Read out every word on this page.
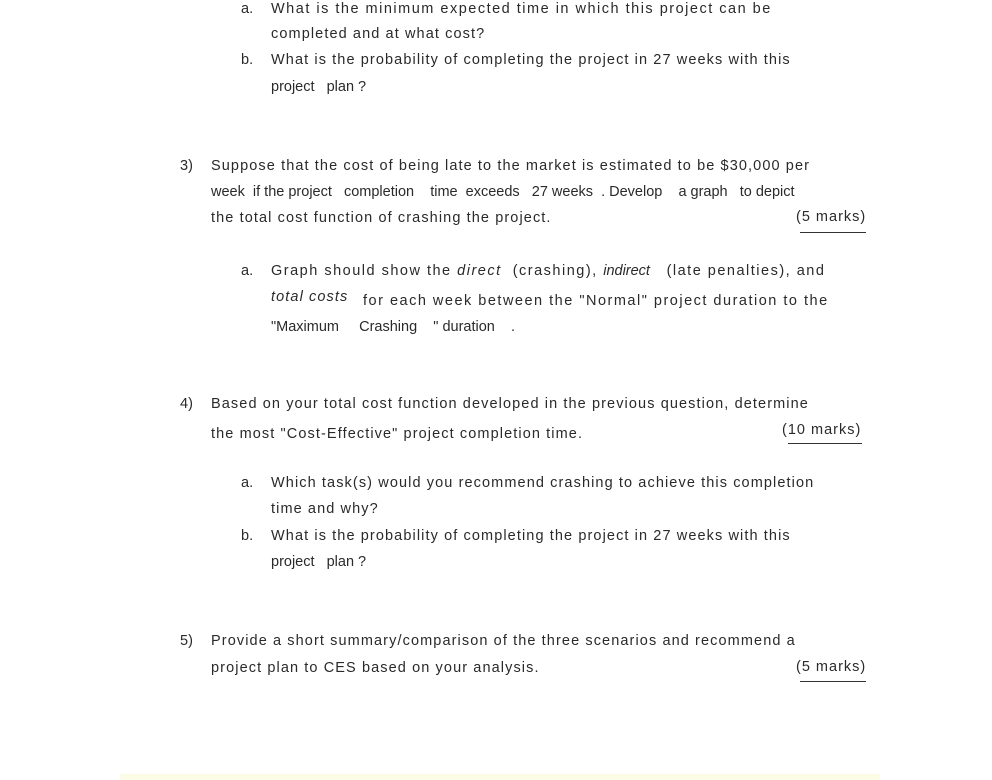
a. What is the minimum expected time in which this project can be
completed and at what cost?
b. What is the probability of completing the project in 27 weeks with this
project   plan ?
3) Suppose that the cost of being late to the market is estimated to be $30,000 per
week  if the project   completion    time  exceeds   27 weeks  . Develop    a graph   to depict
the total cost function of crashing the project.	(5 marks)
a. Graph should show the direct (crashing), indirect (late penalties), and
total costs for each week between the "Normal" project duration to the
"Maximum     Crashing    " duration    .
4) Based on your total cost function developed in the previous question, determine
the most "Cost-Effective" project completion time.	(10 marks)
a. Which task(s) would you recommend crashing to achieve this completion
time and why?
b. What is the probability of completing the project in 27 weeks with this
project   plan ?
5) Provide a short summary/comparison of the three scenarios and recommend a
project plan to CES based on your analysis.	(5 marks)
